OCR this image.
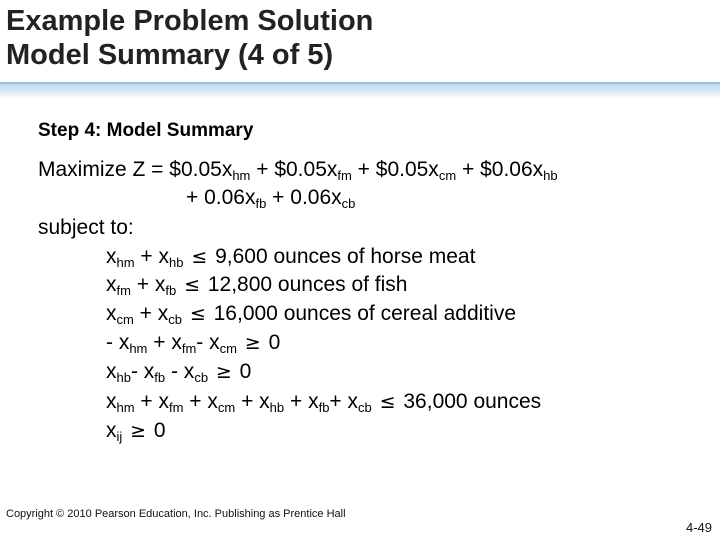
Example Problem Solution
Model Summary (4 of 5)
Step 4: Model Summary
Maximize $Z = \$0.05x_{hm}$ + $\$0.05x_{fm}$ + $\$0.05x_{cm}$ + $\$0.06x_{hb}$
+ $0.06x_{fb} + 0.06x_{cb}$
subject to:
$x_{hm} + x_{hb} \le 9,600$ ounces of horse meat
$x_{fm} + x_{fb} \le 12,800$ ounces of fish
$x_{cm} + x_{cb} \le 16,000$ ounces of cereal additive
- $x_{hm} + x_{fm}-$ $x_{cm} \ge 0$
$x_{hb}-$ $x_{fb} - x_{cb} \ge 0$
$x_{hm} + x_{fm} + x_{cm} + x_{hb} + x_{fb}+ x_{cb} \le 36,000$ ounces
$x_{ij} \ge 0$
Copyright © 2010 Pearson Education, Inc. Publishing as Prentice Hall
4-49
